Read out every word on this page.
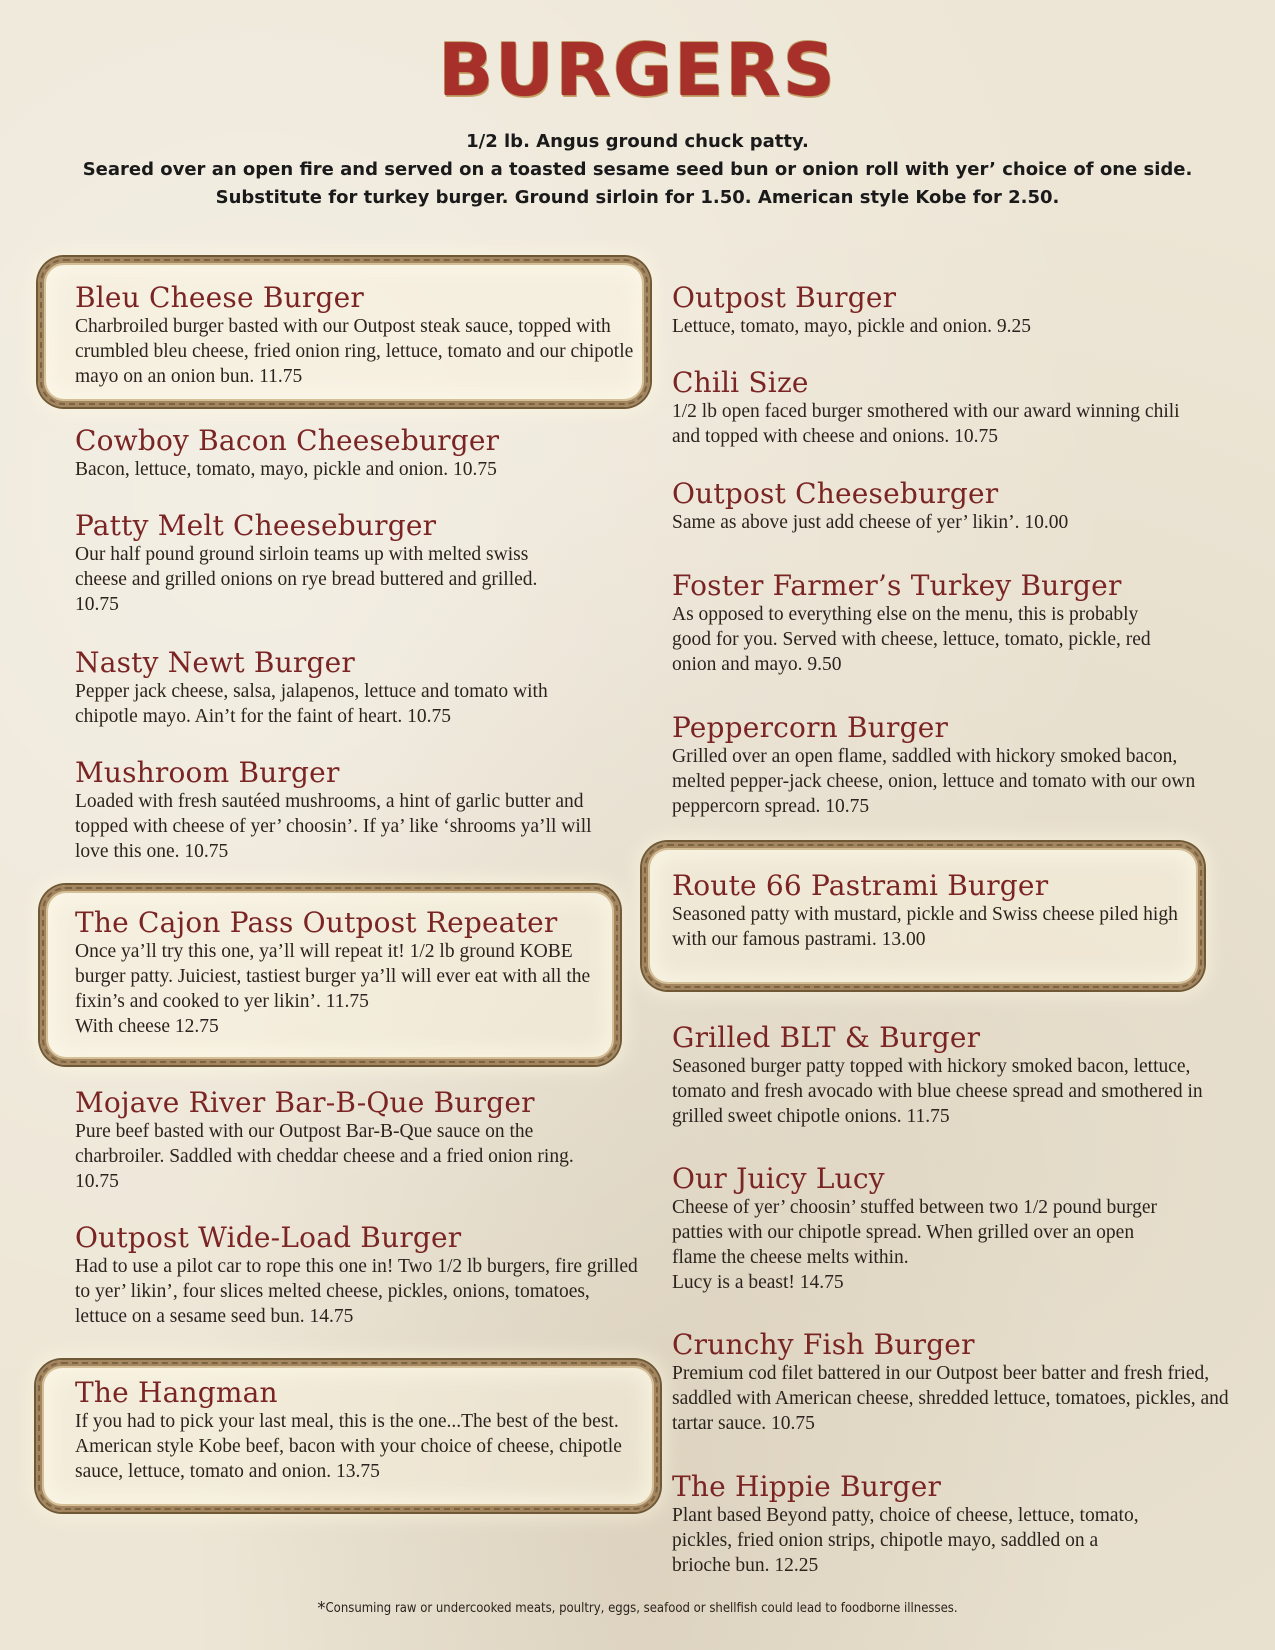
BURGERS
1/2 lb. Angus ground chuck patty.
Seared over an open fire and served on a toasted sesame seed bun or onion roll with yer’ choice of one side.
Substitute for turkey burger. Ground sirloin for 1.50. American style Kobe for 2.50.
Bleu Cheese Burger

Charbroiled burger basted with our Outpost steak sauce, topped with crumbled bleu cheese, fried onion ring, lettuce, tomato and our chipotle mayo on an onion bun. 11.75

Cowboy Bacon Cheeseburger

Bacon, lettuce, tomato, mayo, pickle and onion. 10.75

Patty Melt Cheeseburger

Our half pound ground sirloin teams up with melted swiss cheese and grilled onions on rye bread buttered and grilled. 10.75

Nasty Newt Burger

Pepper jack cheese, salsa, jalapenos, lettuce and tomato with chipotle mayo. Ain’t for the faint of heart. 10.75

Mushroom Burger

Loaded with fresh sautéed mushrooms, a hint of garlic butter and topped with cheese of yer’ choosin’. If ya’ like ‘shrooms ya’ll will love this one. 10.75

The Cajon Pass Outpost Repeater

Once ya’ll try this one, ya’ll will repeat it! 1/2 lb ground KOBE burger patty. Juiciest, tastiest burger ya’ll will ever eat with all the fixin’s and cooked to yer likin’. 11.75

With cheese 12.75

Mojave River Bar-B-Que Burger

Pure beef basted with our Outpost Bar-B-Que sauce on the charbroiler. Saddled with cheddar cheese and a fried onion ring. 10.75

Outpost Wide-Load Burger

Had to use a pilot car to rope this one in! Two 1/2 lb burgers, fire grilled to yer’ likin’, four slices melted cheese, pickles, onions, tomatoes, lettuce on a sesame seed bun. 14.75

The Hangman

If you had to pick your last meal, this is the one...The best of the best. American style Kobe beef, bacon with your choice of cheese, chipotle sauce, lettuce, tomato and onion. 13.75

Outpost Burger

Lettuce, tomato, mayo, pickle and onion. 9.25

Chili Size

1/2 lb open faced burger smothered with our award winning chili and topped with cheese and onions. 10.75

Outpost Cheeseburger

Same as above just add cheese of yer’ likin’. 10.00

Foster Farmer’s Turkey Burger

As opposed to everything else on the menu, this is probably good for you. Served with cheese, lettuce, tomato, pickle, red onion and mayo. 9.50

Peppercorn Burger

Grilled over an open flame, saddled with hickory smoked bacon, melted pepper-jack cheese, onion, lettuce and tomato with our own peppercorn spread. 10.75

Route 66 Pastrami Burger

Seasoned patty with mustard, pickle and Swiss cheese piled high with our famous pastrami. 13.00

Grilled BLT & Burger

Seasoned burger patty topped with hickory smoked bacon, lettuce, tomato and fresh avocado with blue cheese spread and smothered in grilled sweet chipotle onions. 11.75

Our Juicy Lucy

Cheese of yer’ choosin’ stuffed between two 1/2 pound burger patties with our chipotle spread. When grilled over an open flame the cheese melts within.

Lucy is a beast! 14.75

Crunchy Fish Burger

Premium cod filet battered in our Outpost beer batter and fresh fried, saddled with American cheese, shredded lettuce, tomatoes, pickles, and tartar sauce. 10.75

The Hippie Burger

Plant based Beyond patty, choice of cheese, lettuce, tomato, pickles, fried onion strips, chipotle mayo, saddled on a brioche bun. 12.25

*Consuming raw or undercooked meats, poultry, eggs, seafood or shellfish could lead to foodborne illnesses.
